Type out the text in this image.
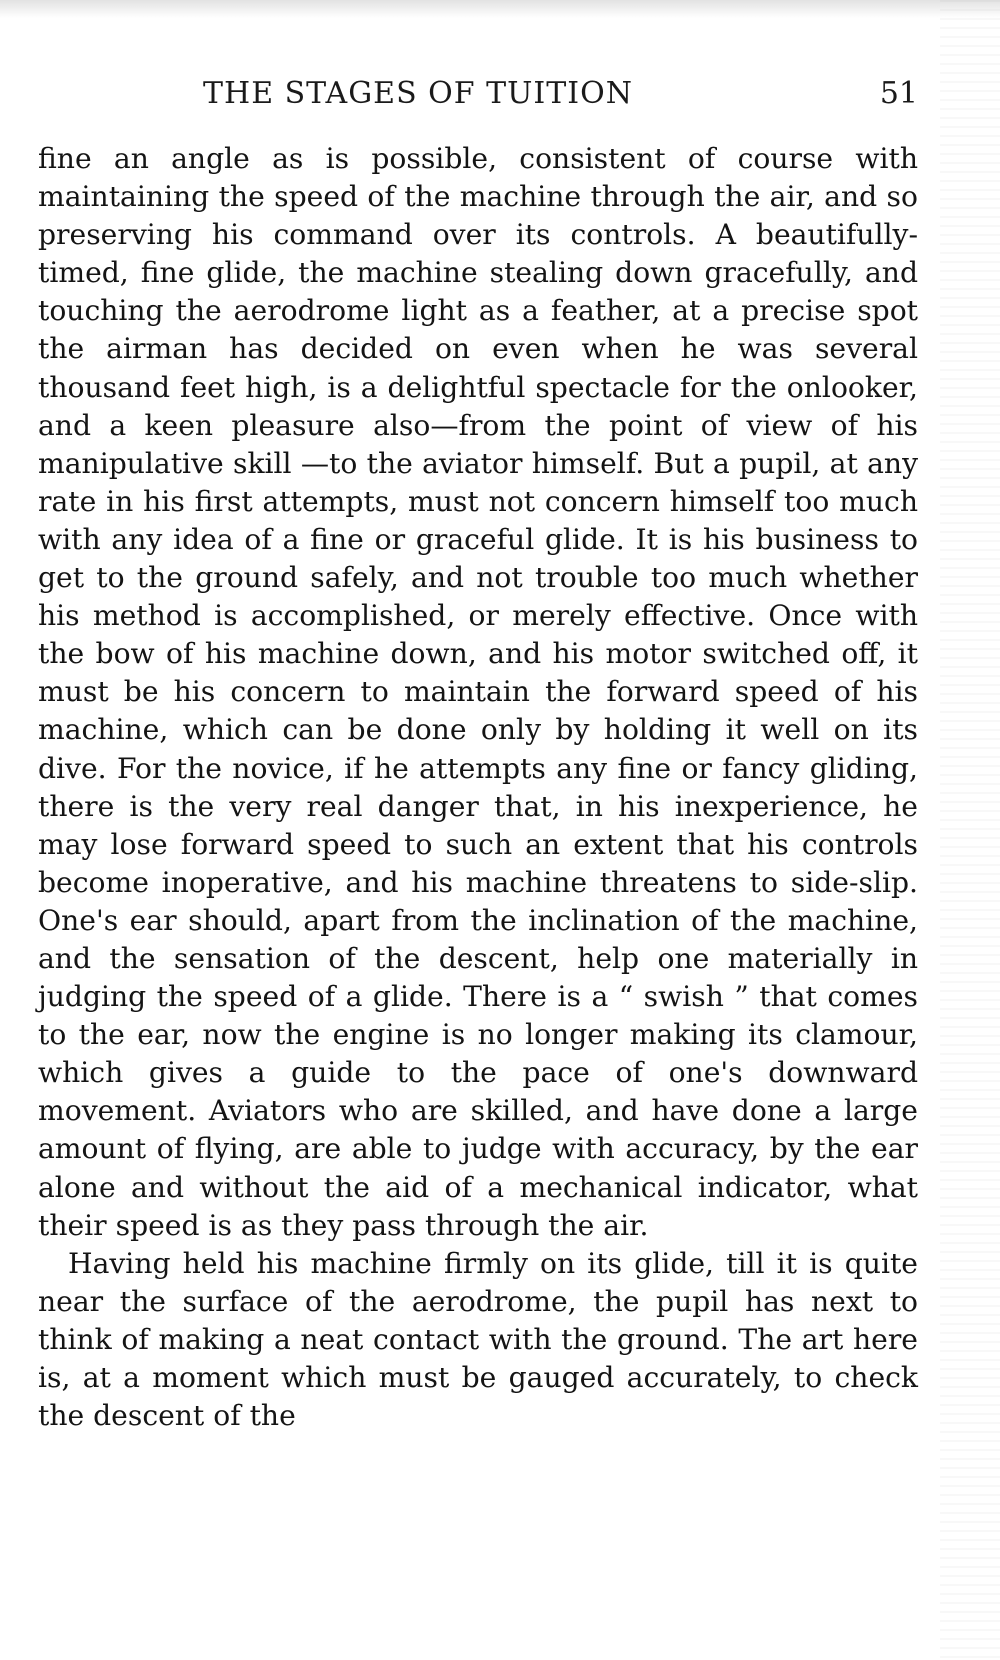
THE STAGES OF TUITION	51

fine an angle as is possible, consistent of course with maintaining the speed of the machine through the air, and so preserving his command over its controls. A beautifully-timed, fine glide, the machine stealing down gracefully, and touching the aerodrome light as a feather, at a precise spot the airman has decided on even when he was several thousand feet high, is a delightful spectacle for the onlooker, and a keen pleasure also—from the point of view of his manipulative skill —to the aviator himself. But a pupil, at any rate in his first attempts, must not concern himself too much with any idea of a fine or graceful glide. It is his business to get to the ground safely, and not trouble too much whether his method is accomplished, or merely effective. Once with the bow of his machine down, and his motor switched off, it must be his concern to maintain the forward speed of his machine, which can be done only by holding it well on its dive. For the novice, if he attempts any fine or fancy gliding, there is the very real danger that, in his inexperience, he may lose forward speed to such an extent that his controls become inoperative, and his machine threatens to side-slip. One's ear should, apart from the inclination of the machine, and the sensation of the descent, help one materially in judging the speed of a glide. There is a “ swish ” that comes to the ear, now the engine is no longer making its clamour, which gives a guide to the pace of one's downward movement. Aviators who are skilled, and have done a large amount of flying, are able to judge with accuracy, by the ear alone and without the aid of a mechanical indicator, what their speed is as they pass through the air.

Having held his machine firmly on its glide, till it is quite near the surface of the aerodrome, the pupil has next to think of making a neat contact with the ground. The art here is, at a moment which must be gauged accurately, to check the descent of the
